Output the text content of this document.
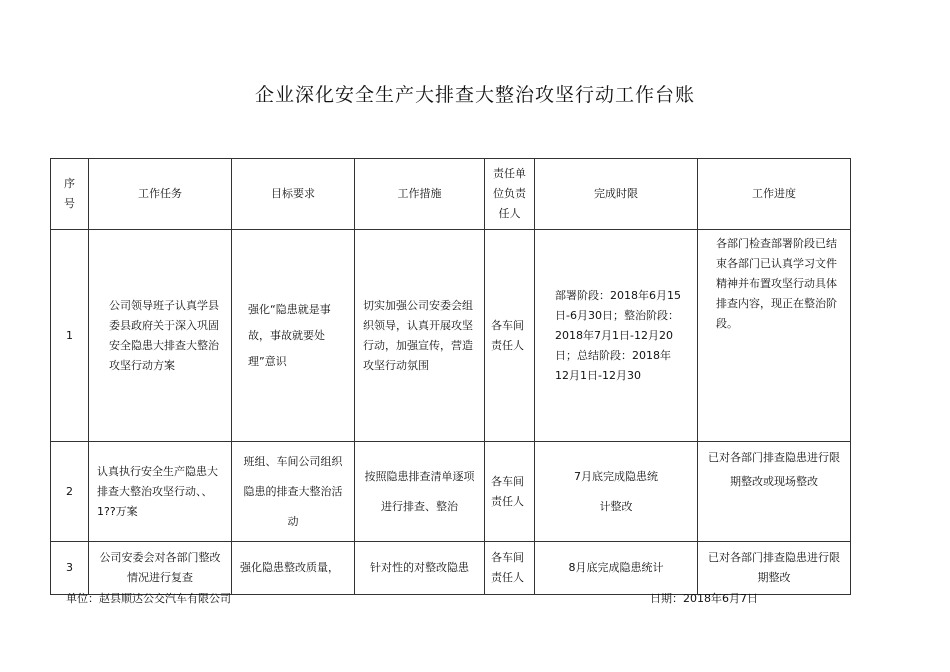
企业深化安全生产大排查大整治攻坚行动工作台账
序号	工作任务	目标要求	工作措施	责任单位负责任人	完成时限	工作进度
1	公司领导班子认真学县委县政府关于深入巩固安全隐患大排查大整治攻坚行动方案	强化“隐患就是事故，事故就要处理”意识	切实加强公司安委会组织领导，认真开展攻坚行动，加强宣传，营造攻坚行动氛围	各车间责任人	部署阶段：2018年6月15日-6月30日；整治阶段：2018年7月1日-12月20日；总结阶段：2018年12月1日-12月30	各部门检查部署阶段已结束各部门已认真学习文件精神并布置攻坚行动具体排查内容，现正在整治阶段。
2	认真执行安全生产隐患大排查大整治攻坚行动、、1??万案	班组、车间公司组织隐患的排查大整治活动	按照隐患排查清单逐项进行排查、整治	各车间责任人	7月底完成隐患统计整改	已对各部门排查隐患进行限期整改或现场整改
3	公司安委会对各部门整改情况进行复查	强化隐患整改质量，	针对性的对整改隐患	各车间责任人	8月底完成隐患统计	已对各部门排查隐患进行限期整改
单位：赵县顺达公交汽车有限公司	日期：2018年6月7日
